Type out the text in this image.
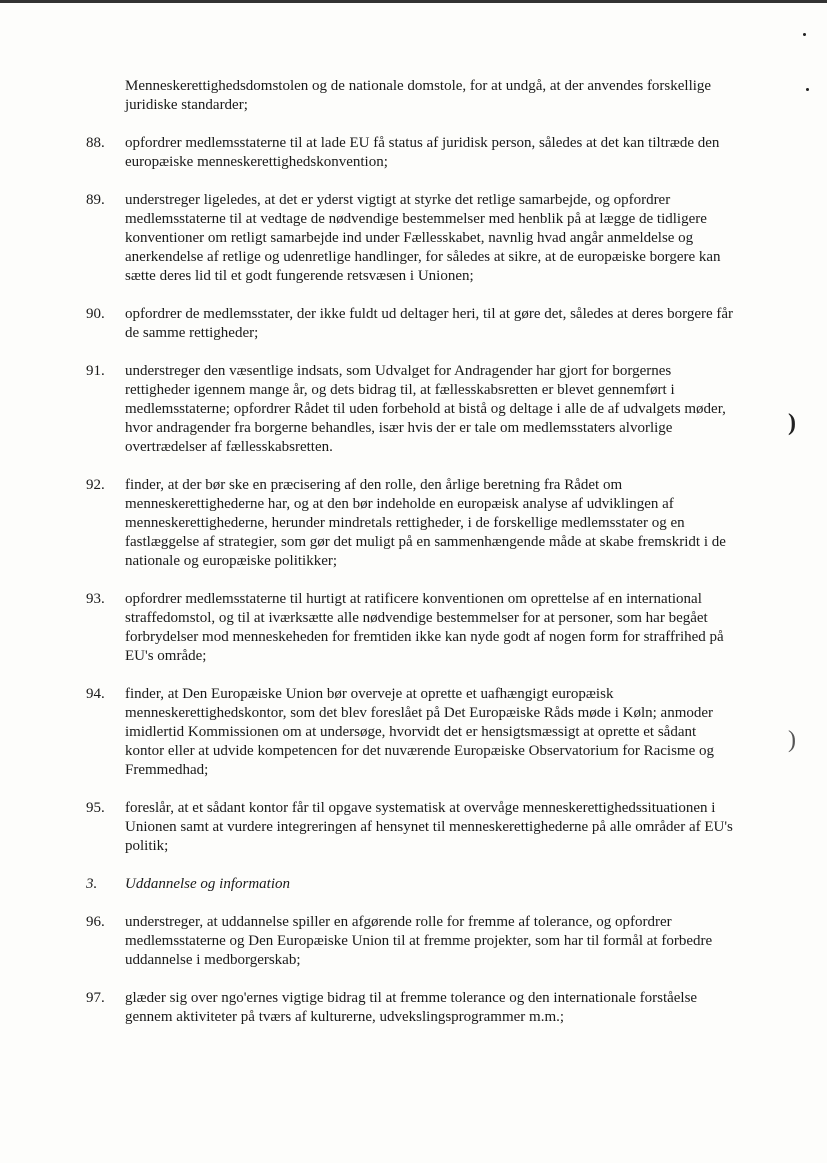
)
)
Menneskerettighedsdomstolen og de nationale domstole, for at undgå, at der anvendes forskellige juridiske standarder;
88.	opfordrer medlemsstaterne til at lade EU få status af juridisk person, således at det kan tiltræde den europæiske menneskerettighedskonvention;
89.	understreger ligeledes, at det er yderst vigtigt at styrke det retlige samarbejde, og opfordrer medlemsstaterne til at vedtage de nødvendige bestemmelser med henblik på at lægge de tidligere konventioner om retligt samarbejde ind under Fællesskabet, navnlig hvad angår anmeldelse og anerkendelse af retlige og udenretlige handlinger, for således at sikre, at de europæiske borgere kan sætte deres lid til et godt fungerende retsvæsen i Unionen;
90.	opfordrer de medlemsstater, der ikke fuldt ud deltager heri, til at gøre det, således at deres borgere får de samme rettigheder;
91.	understreger den væsentlige indsats, som Udvalget for Andragender har gjort for borgernes rettigheder igennem mange år, og dets bidrag til, at fællesskabsretten er blevet gennemført i medlemsstaterne; opfordrer Rådet til uden forbehold at bistå og deltage i alle de af udvalgets møder, hvor andragender fra borgerne behandles, især hvis der er tale om medlemsstaters alvorlige overtrædelser af fællesskabsretten.
92.	finder, at der bør ske en præcisering af den rolle, den årlige beretning fra Rådet om menneskerettighederne har, og at den bør indeholde en europæisk analyse af udviklingen af menneskerettighederne, herunder mindretals rettigheder, i de forskellige medlemsstater og en fastlæggelse af strategier, som gør det muligt på en sammenhængende måde at skabe fremskridt i de nationale og europæiske politikker;
93.	opfordrer medlemsstaterne til hurtigt at ratificere konventionen om oprettelse af en international straffedomstol, og til at iværksætte alle nødvendige bestemmelser for at personer, som har begået forbrydelser mod menneskeheden for fremtiden ikke kan nyde godt af nogen form for straffrihed på EU's område;
94.	finder, at Den Europæiske Union bør overveje at oprette et uafhængigt europæisk menneskerettighedskontor, som det blev foreslået på Det Europæiske Råds møde i Køln; anmoder imidlertid Kommissionen om at undersøge, hvorvidt det er hensigtsmæssigt at oprette et sådant kontor eller at udvide kompetencen for det nuværende Europæiske Observatorium for Racisme og Fremmedhad;
95.	foreslår, at et sådant kontor får til opgave systematisk at overvåge menneskerettighedssituationen i Unionen samt at vurdere integreringen af hensynet til menneskerettighederne på alle områder af EU's politik;
3.	Uddannelse og information
96.	understreger, at uddannelse spiller en afgørende rolle for fremme af tolerance, og opfordrer medlemsstaterne og Den Europæiske Union til at fremme projekter, som har til formål at forbedre uddannelse i medborgerskab;
97.	glæder sig over ngo'ernes vigtige bidrag til at fremme tolerance og den internationale forståelse gennem aktiviteter på tværs af kulturerne, udvekslingsprogrammer m.m.;
